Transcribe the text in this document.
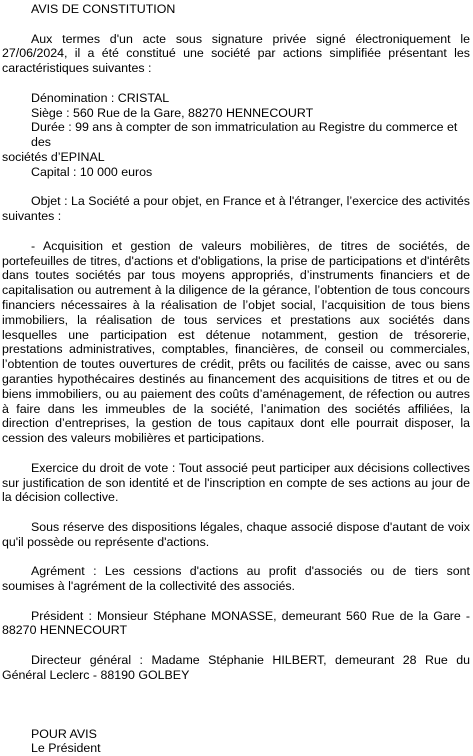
AVIS DE CONSTITUTION

Aux termes d'un acte sous signature privée signé électroniquement le 27/06/2024, il a été constitué une société par actions simplifiée présentant les caractéristiques suivantes :

Dénomination : CRISTAL
Siège : 560 Rue de la Gare, 88270 HENNECOURT
Durée : 99 ans à compter de son immatriculation au Registre du commerce et des
sociétés d’EPINAL
Capital : 10 000 euros

Objet : La Société a pour objet, en France et à l'étranger, l’exercice des activités suivantes :

- Acquisition et gestion de valeurs mobilières, de titres de sociétés, de portefeuilles de titres, d'actions et d'obligations, la prise de participations et d'intérêts dans toutes sociétés par tous moyens appropriés, d’instruments financiers et de capitalisation ou autrement à la diligence de la gérance, l’obtention de tous concours financiers nécessaires à la réalisation de l’objet social, l’acquisition de tous biens immobiliers, la réalisation de tous services et prestations aux sociétés dans lesquelles une participation est détenue notamment, gestion de trésorerie, prestations administratives, comptables, financières, de conseil ou commerciales, l’obtention de toutes ouvertures de crédit, prêts ou facilités de caisse, avec ou sans garanties hypothécaires destinés au financement des acquisitions de titres et ou de biens immobiliers, ou au paiement des coûts d’aménagement, de réfection ou autres à faire dans les immeubles de la société, l’animation des sociétés affiliées, la direction d’entreprises, la gestion de tous capitaux dont elle pourrait disposer, la cession des valeurs mobilières et participations.

Exercice du droit de vote : Tout associé peut participer aux décisions collectives sur justification de son identité et de l'inscription en compte de ses actions au jour de la décision collective.

Sous réserve des dispositions légales, chaque associé dispose d'autant de voix qu'il possède ou représente d'actions.

Agrément : Les cessions d'actions au profit d'associés ou de tiers sont soumises à l'agrément de la collectivité des associés.

Président : Monsieur Stéphane MONASSE, demeurant 560 Rue de la Gare - 88270 HENNECOURT

Directeur général : Madame Stéphanie HILBERT, demeurant 28 Rue du Général Leclerc - 88190 GOLBEY

POUR AVIS
Le Président
